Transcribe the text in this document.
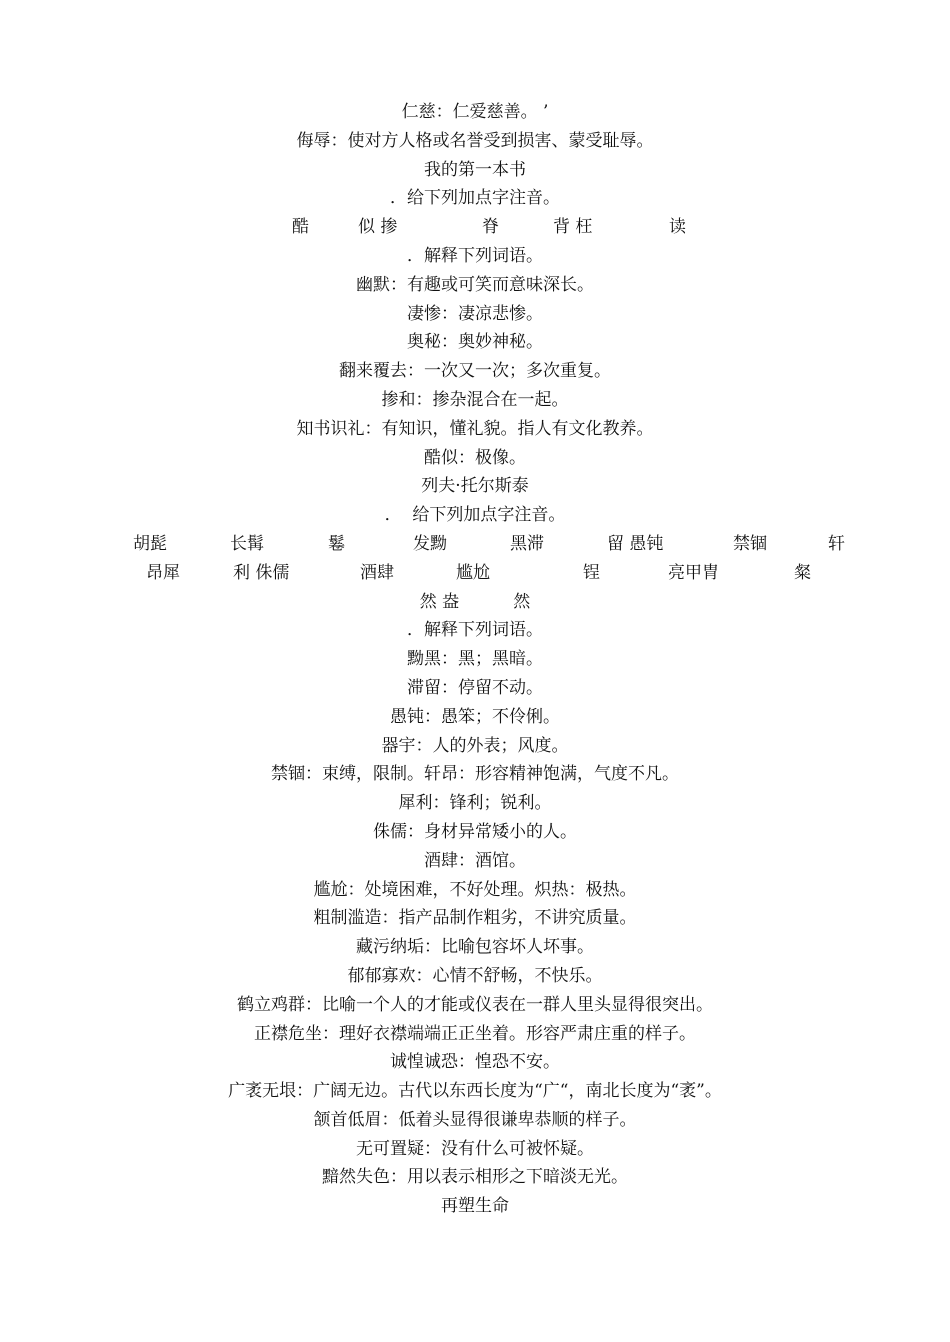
仁慈：仁爱慈善。 ’
侮辱：使对方人格或名誉受到损害、蒙受耻辱。
我的第一本书
．给下列加点字注音。
酷	似 掺	脊	背 枉	读
．解释下列词语。
幽默：有趣或可笑而意味深长。
凄惨：凄凉悲惨。
奥秘：奥妙神秘。
翻来覆去：一次又一次；多次重复。
掺和：掺杂混合在一起。
知书识礼：有知识，懂礼貌。指人有文化教养。
酷似：极像。
列夫·托尔斯泰
．  给下列加点字注音。
胡髭	长髯	鬈	发黝	黑滞	留 愚钝	禁锢	轩
昂犀	利 侏儒	酒肆	尴尬	锃	亮甲胄	粲
然 盎          然
．解释下列词语。
黝黑：黑；黑暗。
滞留：停留不动。
愚钝：愚笨；不伶俐。
器宇：人的外表；风度。
禁锢：束缚，限制。轩昂：形容精神饱满，气度不凡。
犀利：锋利；锐利。
侏儒：身材异常矮小的人。
酒肆：酒馆。
尴尬：处境困难，不好处理。炽热：极热。
粗制滥造：指产品制作粗劣，不讲究质量。
藏污纳垢：比喻包容坏人坏事。
郁郁寡欢：心情不舒畅，不快乐。
鹤立鸡群：比喻一个人的才能或仪表在一群人里头显得很突出。
正襟危坐：理好衣襟端端正正坐着。形容严肃庄重的样子。
诚惶诚恐：惶恐不安。
广袤无垠：广阔无边。古代以东西长度为“广“，南北长度为“袤”。
颔首低眉：低着头显得很谦卑恭顺的样子。
无可置疑：没有什么可被怀疑。
黯然失色：用以表示相形之下暗淡无光。
再塑生命
